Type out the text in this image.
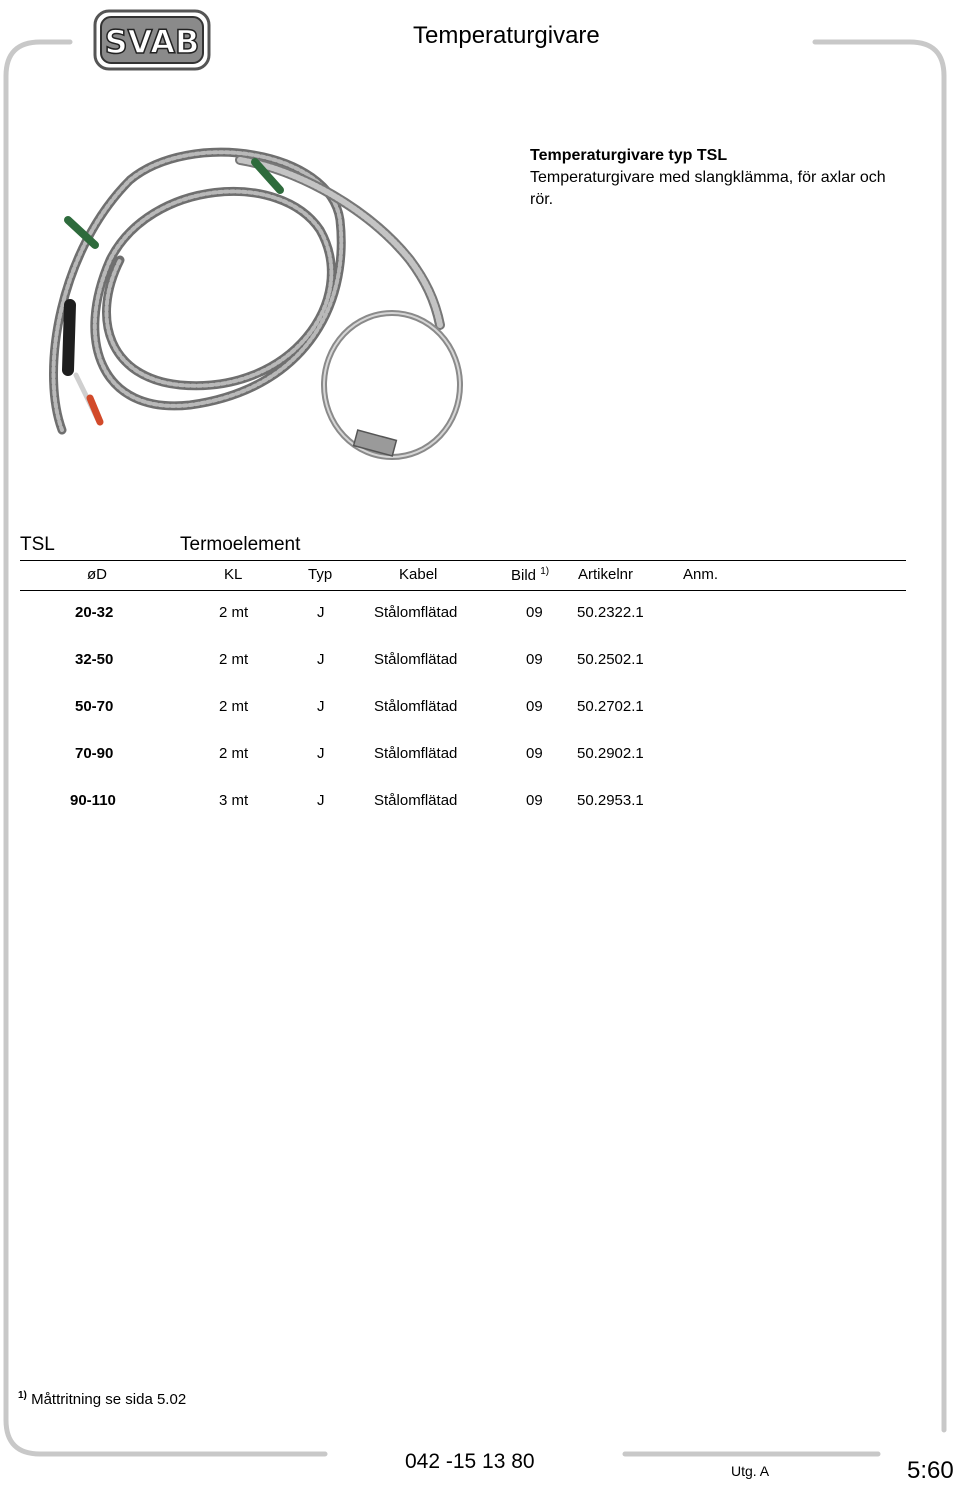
SVAB	Temperaturgivare
Temperaturgivare typ TSL
Temperaturgivare med slangklämma, för axlar och rör.
TSL	Termoelement
øD	KL	Typ	Kabel	Bild $^{1)}$ Artikelnr	Anm.
20-32	2 mt	J	Stålomflätad	09 50.2322.1
32-50	2 mt	J	Stålomflätad	09 50.2502.1
50-70	2 mt	J	Stålomflätad	09 50.2702.1
70-90	2 mt	J	Stålomflätad	09 50.2902.1
90-110	3 mt	J	Stålomflätad	09 50.2953.1
$^{1)}$ Måttritning se sida 5.02
042 -15 13 80	Utg. A	5:60
